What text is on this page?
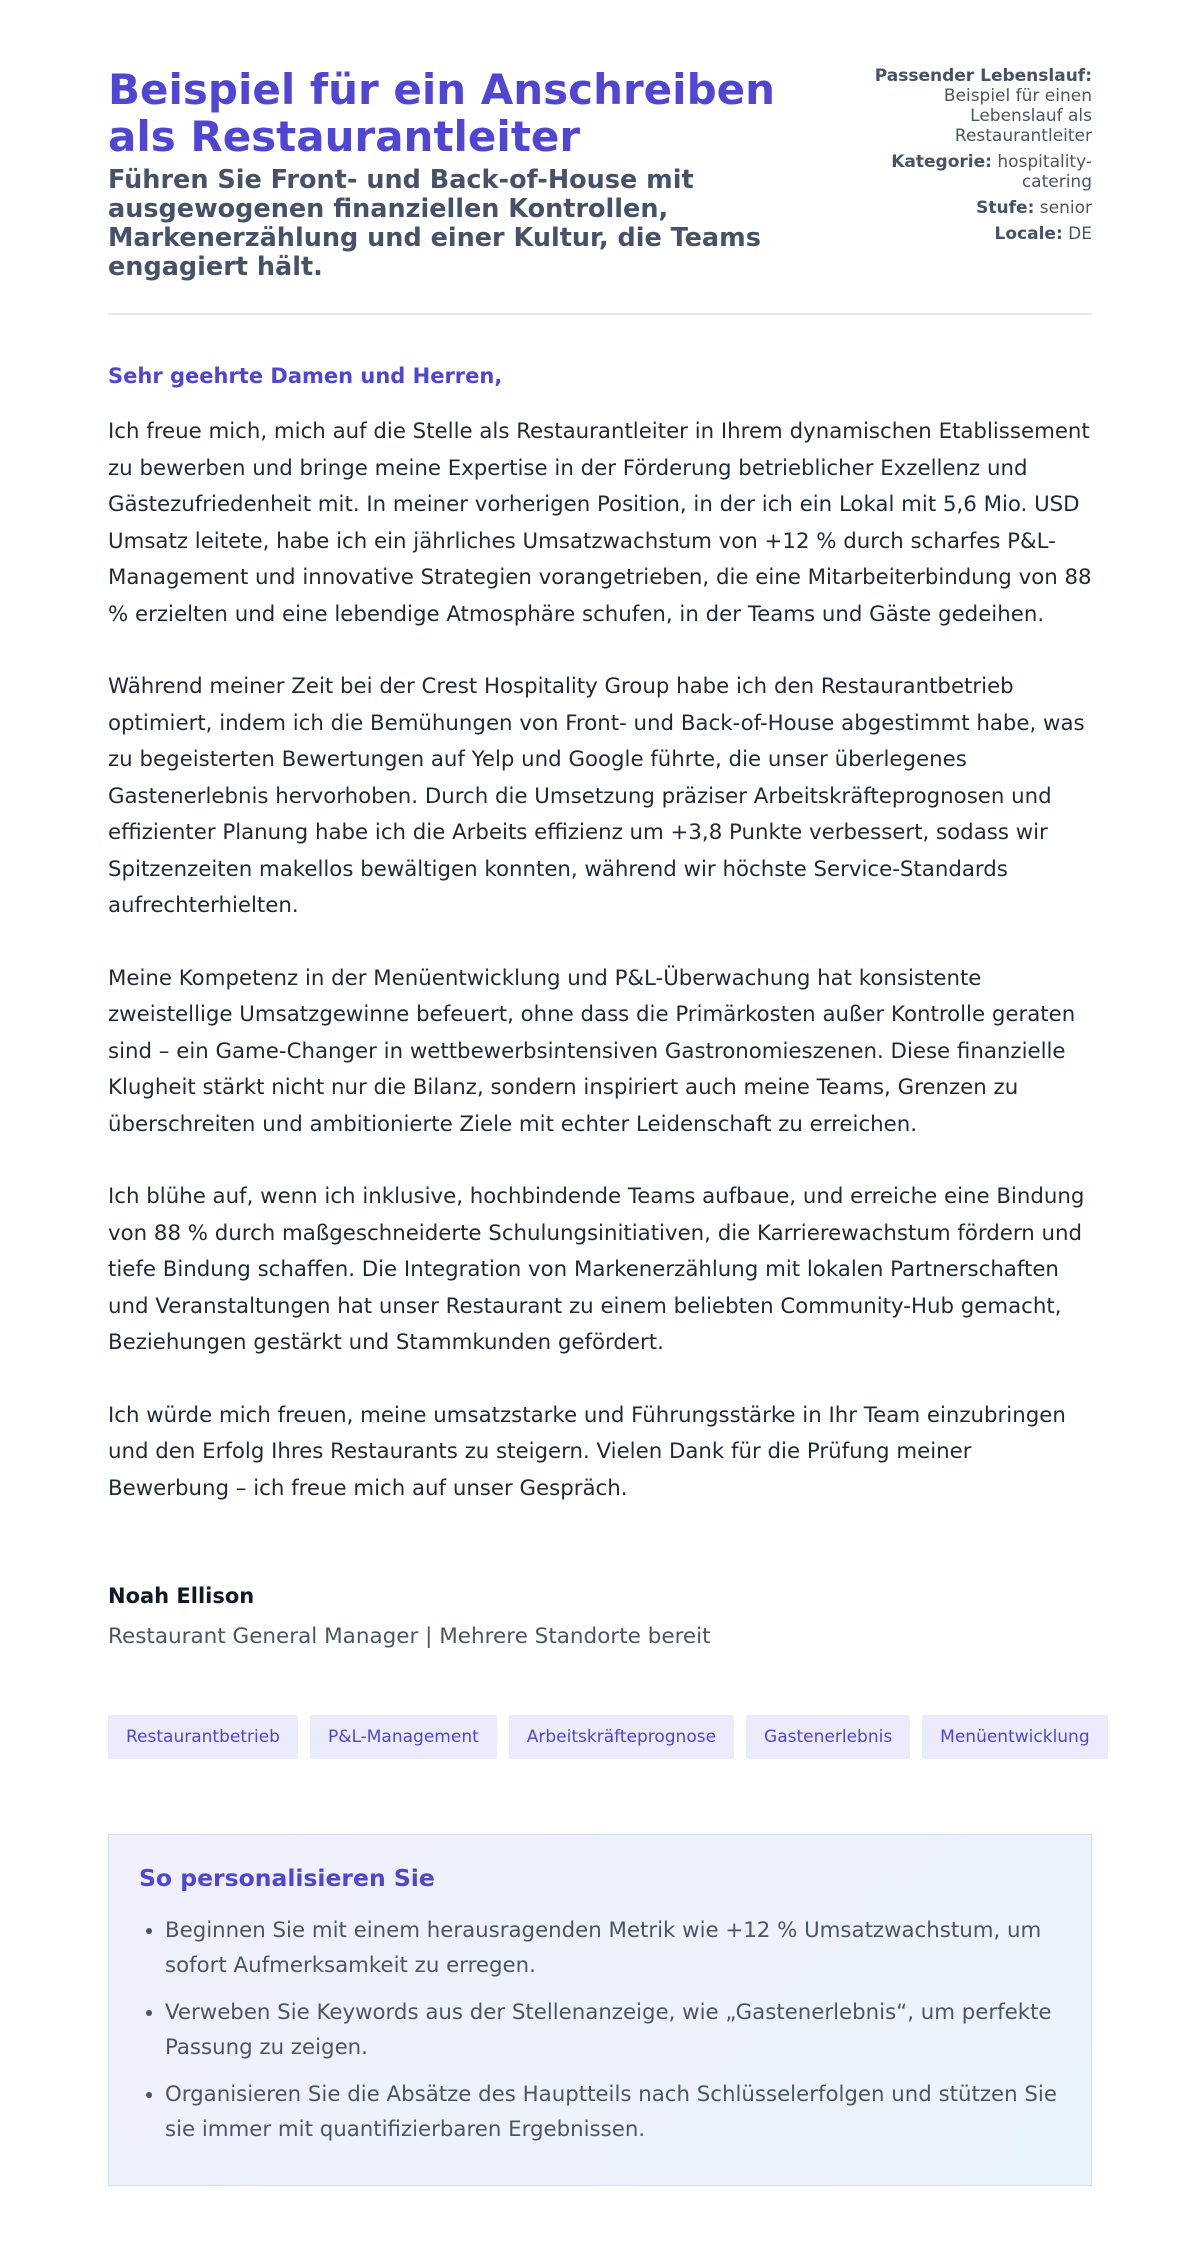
Beispiel für ein Anschreiben als Restaurantleiter
Führen Sie Front- und Back-of-House mit ausgewogenen finanziellen Kontrollen, Markenerzählung und einer Kultur, die Teams engagiert hält.
Passender Lebenslauf: Beispiel für einen Lebenslauf als Restaurantleiter
Kategorie: hospitality-catering
Stufe: senior
Locale: DE

Sehr geehrte Damen und Herren,

Ich freue mich, mich auf die Stelle als Restaurantleiter in Ihrem dynamischen Etablissement zu bewerben und bringe meine Expertise in der Förderung betrieblicher Exzellenz und Gästezufriedenheit mit. In meiner vorherigen Position, in der ich ein Lokal mit 5,6 Mio. USD Umsatz leitete, habe ich ein jährliches Umsatzwachstum von +12 % durch scharfes P&L-Management und innovative Strategien vorangetrieben, die eine Mitarbeiterbindung von 88 % erzielten und eine lebendige Atmosphäre schufen, in der Teams und Gäste gedeihen.

Während meiner Zeit bei der Crest Hospitality Group habe ich den Restaurantbetrieb optimiert, indem ich die Bemühungen von Front- und Back-of-House abgestimmt habe, was zu begeisterten Bewertungen auf Yelp und Google führte, die unser überlegenes Gastenerlebnis hervorhoben. Durch die Umsetzung präziser Arbeitskräfteprognosen und effizienter Planung habe ich die Arbeits effizienz um +3,8 Punkte verbessert, sodass wir Spitzenzeiten makellos bewältigen konnten, während wir höchste Service-Standards aufrechterhielten.

Meine Kompetenz in der Menüentwicklung und P&L-Überwachung hat konsistente zweistellige Umsatzgewinne befeuert, ohne dass die Primärkosten außer Kontrolle geraten sind – ein Game-Changer in wettbewerbsintensiven Gastronomieszenen. Diese finanzielle Klugheit stärkt nicht nur die Bilanz, sondern inspiriert auch meine Teams, Grenzen zu überschreiten und ambitionierte Ziele mit echter Leidenschaft zu erreichen.

Ich blühe auf, wenn ich inklusive, hochbindende Teams aufbaue, und erreiche eine Bindung von 88 % durch maßgeschneiderte Schulungsinitiativen, die Karrierewachstum fördern und tiefe Bindung schaffen. Die Integration von Markenerzählung mit lokalen Partnerschaften und Veranstaltungen hat unser Restaurant zu einem beliebten Community-Hub gemacht, Beziehungen gestärkt und Stammkunden gefördert.

Ich würde mich freuen, meine umsatzstarke und Führungsstärke in Ihr Team einzubringen und den Erfolg Ihres Restaurants zu steigern. Vielen Dank für die Prüfung meiner Bewerbung – ich freue mich auf unser Gespräch.

Noah Ellison
Restaurant General Manager | Mehrere Standorte bereit
Restaurantbetrieb	P&L-Management	Arbeitskräfteprognose	Gastenerlebnis	Menüentwicklung
So personalisieren Sie
• Beginnen Sie mit einem herausragenden Metrik wie +12 % Umsatzwachstum, um sofort Aufmerksamkeit zu erregen.
• Verweben Sie Keywords aus der Stellenanzeige, wie „Gastenerlebnis“, um perfekte Passung zu zeigen.
• Organisieren Sie die Absätze des Hauptteils nach Schlüsselerfolgen und stützen Sie sie immer mit quantifizierbaren Ergebnissen.
